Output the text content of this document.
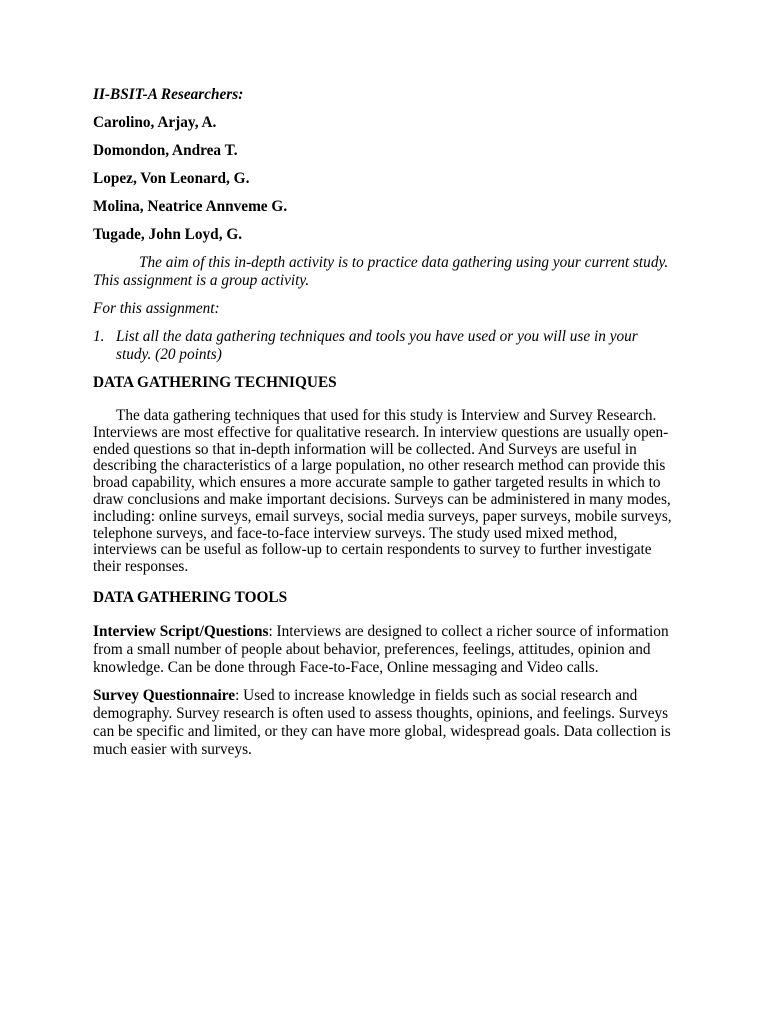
II-BSIT-A Researchers:

Carolino, Arjay, A.

Domondon, Andrea T.

Lopez, Von Leonard, G.

Molina, Neatrice Annveme G.

Tugade, John Loyd, G.

The aim of this in-depth activity is to practice data gathering using your current study. This assignment is a group activity.

For this assignment:

1. List all the data gathering techniques and tools you have used or you will use in your study. (20 points)

DATA GATHERING TECHNIQUES

The data gathering techniques that used for this study is Interview and Survey Research. Interviews are most effective for qualitative research. In interview questions are usually open-ended questions so that in-depth information will be collected. And Surveys are useful in describing the characteristics of a large population, no other research method can provide this broad capability, which ensures a more accurate sample to gather targeted results in which to draw conclusions and make important decisions. Surveys can be administered in many modes, including: online surveys, email surveys, social media surveys, paper surveys, mobile surveys, telephone surveys, and face-to-face interview surveys. The study used mixed method, interviews can be useful as follow-up to certain respondents to survey to further investigate their responses.

DATA GATHERING TOOLS

Interview Script/Questions: Interviews are designed to collect a richer source of information from a small number of people about behavior, preferences, feelings, attitudes, opinion and knowledge. Can be done through Face-to-Face, Online messaging and Video calls.

Survey Questionnaire: Used to increase knowledge in fields such as social research and demography. Survey research is often used to assess thoughts, opinions, and feelings. Surveys can be specific and limited, or they can have more global, widespread goals. Data collection is much easier with surveys.
